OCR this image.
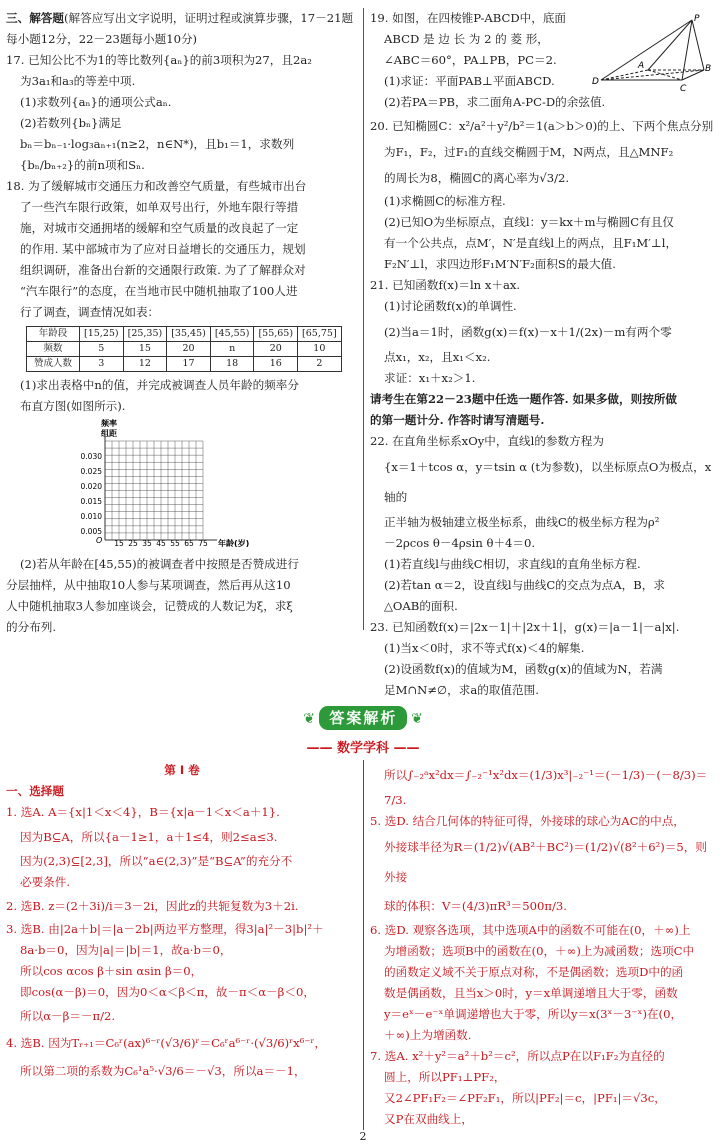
三、解答题(解答应写出文字说明，证明过程或演算步骤，17－21题每小题12分，22－23题每小题10分)

17. 已知公比不为1的等比数列{aₙ}的前3项积为27，且2a₂

为3a₁和a₃的等差中项.

(1)求数列{aₙ}的通项公式aₙ.

(2)若数列{bₙ}满足

bₙ＝bₙ₋₁·log₃aₙ₊₁(n≥2，n∈N*)，且b₁＝1，求数列

{bₙ/bₙ₊₂}的前n项和Sₙ.

18. 为了缓解城市交通压力和改善空气质量，有些城市出台

了一些汽车限行政策，如单双号出行，外地车限行等措

施，对城市交通拥堵的缓解和空气质量的改良起了一定

的作用. 某中部城市为了应对日益增长的交通压力，规划

组织调研，准备出台新的交通限行政策. 为了了解群众对

“汽车限行”的态度，在当地市民中随机抽取了100人进

行了调查，调查情况如表：

年龄段	[15,25)	[25,35)	[35,45)	[45,55)	[55,65)	[65,75]
频数	5	15	20	n	20	10
赞成人数	3	12	17	18	16	2

(1)求出表格中n的值，并完成被调查人员年龄的频率分

布直方图(如图所示).

频率
组距
0.030
0.025
0.020
0.015
0.010
0.005
O 15 25 35 45 55 65 75 年龄(岁)

(2)若从年龄在[45,55)的被调查者中按照是否赞成进行

分层抽样，从中抽取10人参与某项调查，然后再从这10

人中随机抽取3人参加座谈会，记赞成的人数记为ξ，求ξ

的分布列.

19. 如图，在四棱锥P-ABCD中，底面

ABCD 是 边 长 为 2 的 菱 形，

∠ABC＝60°，PA⊥PB，PC＝2.

(1)求证：平面PAB⊥平面ABCD.

(2)若PA＝PB，求二面角A-PC-D的余弦值.

P
A	B
C
D

20. 已知椭圆C：x²/a²＋y²/b²＝1(a＞b＞0)的上、下两个焦点分别

为F₁，F₂，过F₁的直线交椭圆于M，N两点，且△MNF₂

的周长为8，椭圆C的离心率为√3/2.

(1)求椭圆C的标准方程.

(2)已知O为坐标原点，直线l：y＝kx＋m与椭圆C有且仅

有一个公共点，点M′，N′是直线l上的两点，且F₁M′⊥l，

F₂N′⊥l，求四边形F₁M′N′F₂面积S的最大值.

21. 已知函数f(x)＝ln x＋ax.

(1)讨论函数f(x)的单调性.

(2)当a＝1时，函数g(x)＝f(x)－x＋1/(2x)－m有两个零

点x₁，x₂，且x₁＜x₂.

求证：x₁＋x₂＞1.

请考生在第22－23题中任选一题作答. 如果多做，则按所做

的第一题计分. 作答时请写清题号.

22. 在直角坐标系xOy中，直线l的参数方程为

{x＝1＋tcos α，y＝tsin α (t为参数)，以坐标原点O为极点，x轴的

正半轴为极轴建立极坐标系，曲线C的极坐标方程为ρ²

－2ρcos θ－4ρsin θ＋4＝0.

(1)若直线l与曲线C相切，求直线l的直角坐标方程.

(2)若tan α＝2，设直线l与曲线C的交点为点A，B，求

△OAB的面积.

23. 已知函数f(x)＝|2x－1|＋|2x＋1|，g(x)＝|a－1|－a|x|.

(1)当x＜0时，求不等式f(x)＜4的解集.

(2)设函数f(x)的值域为M，函数g(x)的值域为N，若满

足M∩N≠∅，求a的取值范围.

❦ 答案解析 ❦
—— 数学学科 ——

第 Ⅰ 卷

一、选择题

1. 选A. A＝{x|1＜x＜4}，B＝{x|a－1＜x＜a＋1}.

因为B⊆A，所以{a－1≥1，a＋1≤4，则2≤a≤3.

因为(2,3)⊆[2,3]，所以“a∈(2,3)”是“B⊆A”的充分不

必要条件.

2. 选B. z＝(2＋3i)/i＝3－2i，因此z的共轭复数为3＋2i.

3. 选B. 由|2a＋b|＝|a－2b|两边平方整理，得3|a|²－3|b|²＋

8a·b＝0，因为|a|＝|b|＝1，故a·b＝0，

所以cos αcos β＋sin αsin β＝0，

即cos(α－β)＝0，因为0＜α＜β＜π，故－π＜α－β＜0，

所以α－β＝－π/2.

4. 选B. 因为Tᵣ₊₁＝C₆ʳ(ax)⁶⁻ʳ(√3/6)ʳ＝C₆ʳa⁶⁻ʳ·(√3/6)ʳx⁶⁻ʳ，

所以第二项的系数为C₆¹a⁵·√3/6＝－√3，所以a＝－1，

所以∫₋₂ᵃx²dx＝∫₋₂⁻¹x²dx＝(1/3)x³|₋₂⁻¹＝(－1/3)－(－8/3)＝

7/3.

5. 选D. 结合几何体的特征可得，外接球的球心为AC的中点，

外接球半径为R＝(1/2)√(AB²＋BC²)＝(1/2)√(8²＋6²)＝5，则外接

球的体积：V＝(4/3)πR³＝500π/3.

6. 选D. 观察各选项，其中选项A中的函数不可能在(0，＋∞)上

为增函数；选项B中的函数在(0，＋∞)上为减函数；选项C中

的函数定义域不关于原点对称，不是偶函数；选项D中的函

数是偶函数，且当x＞0时，y＝x单调递增且大于零，函数

y＝eˣ－e⁻ˣ单调递增也大于零，所以y＝x(3ˣ－3⁻ˣ)在(0，

＋∞)上为增函数.

7. 选A. x²＋y²＝a²＋b²＝c²，所以点P在以F₁F₂为直径的

圆上，所以PF₁⊥PF₂，

又2∠PF₁F₂＝∠PF₂F₁，所以|PF₂|＝c，|PF₁|＝√3c，

又P在双曲线上，

2
